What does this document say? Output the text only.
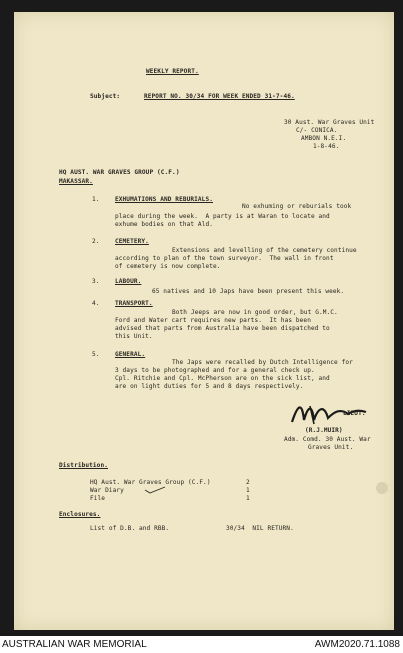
WEEKLY REPORT.
Subject:	REPORT NO. 30/34 FOR WEEK ENDED 31-7-46.
30 Aust. War Graves Unit
C/- CONICA.
AMBON N.E.I.
1-8-46.
HQ AUST. WAR GRAVES GROUP (C.F.)
MAKASSAR.
1.	EXHUMATIONS AND REBURIALS.
No exhuming or reburials took
place during the week.  A party is at Waran to locate and
exhume bodies on that Ald.
2.	CEMETERY.
Extensions and levelling of the cemetery continue
according to plan of the town surveyor.  The wall in front
of cemetery is now complete.
3.	LABOUR.
65 natives and 10 Japs have been present this week.
4.	TRANSPORT.
Both Jeeps are now in good order, but G.M.C.
Ford and Water cart requires new parts.  It has been
advised that parts from Australia have been dispatched to
this Unit.
5.	GENERAL.
The Japs were recalled by Dutch Intelligence for
3 days to be photographed and for a general check up.
Cpl. Ritchie and Cpl. McPherson are on the sick list, and
are on light duties for 5 and 8 days respectively.
LIEUT.
(R.J.MUIR)
Adm. Comd. 30 Aust. War
Graves Unit.
Distribution.
HQ Aust. War Graves Group (C.F.)	2
War Diary	1
File	1
Enclosures.
List of D.B. and RBB.	30/34  NIL RETURN.
AUSTRALIAN WAR MEMORIAL	AWM2020.71.1088
